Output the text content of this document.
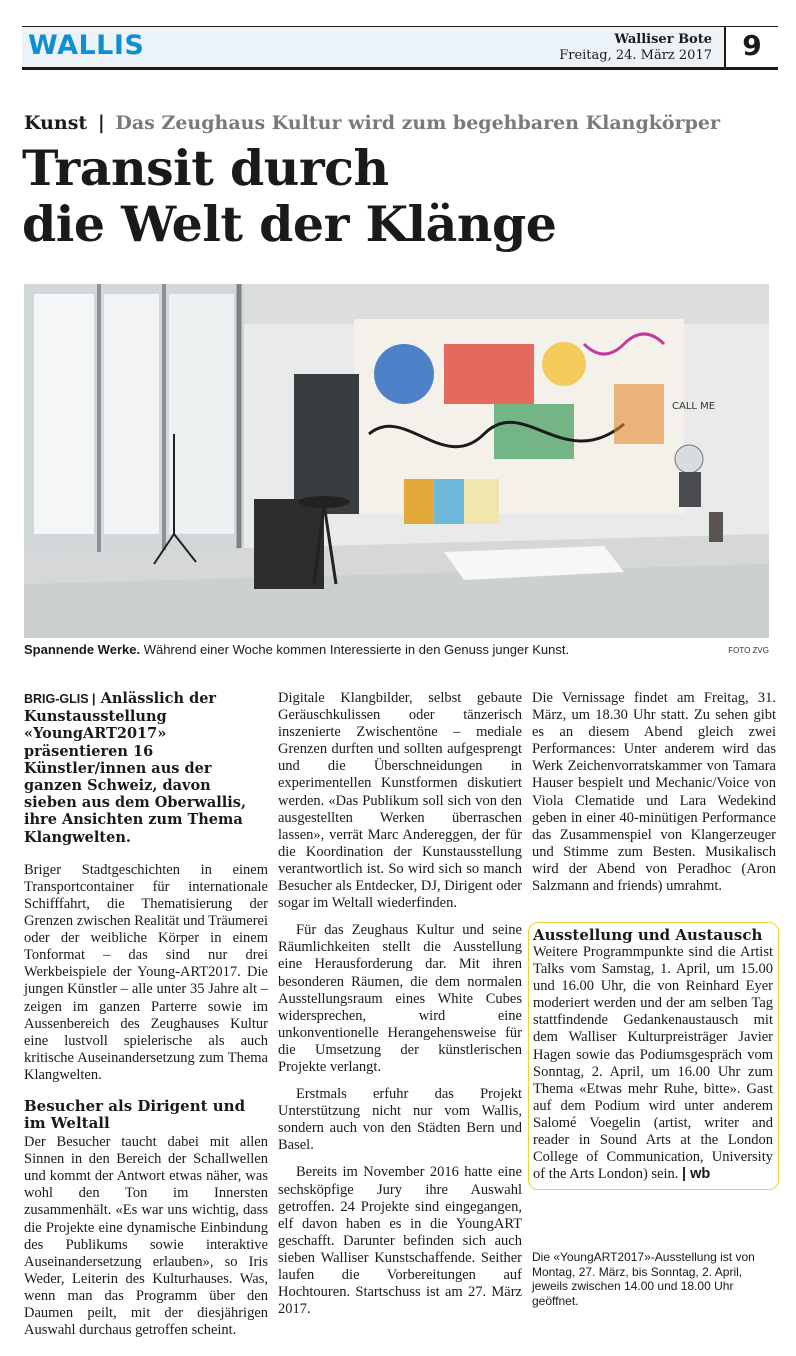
WALLIS	Walliser Bote
Freitag, 24. März 2017	9
Kunst | Das Zeughaus Kultur wird zum begehbaren Klangkörper
Transit durch
die Welt der Klänge
CALL ME
Spannende Werke. Während einer Woche kommen Interessierte in den Genuss junger Kunst.	FOTO ZVG

BRIG-GLIS | Anlässlich der Kunstausstellung «YoungART2017» präsentieren 16 Künstler/innen aus der ganzen Schweiz, davon sieben aus dem Oberwallis, ihre Ansichten zum Thema Klangwelten.

Briger Stadtgeschichten in einem Transportcontainer für internationale Schifffahrt, die Thematisierung der Grenzen zwischen Realität und Träumerei oder der weibliche Körper in einem Tonformat – das sind nur drei Werkbeispiele der Young-ART2017. Die jungen Künstler – alle unter 35 Jahre alt – zeigen im ganzen Parterre sowie im Aussenbereich des Zeughauses Kultur eine lustvoll spielerische als auch kritische Auseinandersetzung zum Thema Klangwelten.

Besucher als Dirigent und im Weltall

Der Besucher taucht dabei mit allen Sinnen in den Bereich der Schallwellen und kommt der Antwort etwas näher, was wohl den Ton im Innersten zusammenhält. «Es war uns wichtig, dass die Projekte eine dynamische Einbindung des Publikums sowie interaktive Auseinandersetzung erlauben», so Iris Weder, Leiterin des Kulturhauses. Was, wenn man das Programm über den Daumen peilt, mit der diesjährigen Auswahl durchaus getroffen scheint.

Digitale Klangbilder, selbst gebaute Geräuschkulissen oder tänzerisch inszenierte Zwischentöne – mediale Grenzen durften und sollten aufgesprengt und die Überschneidungen in experimentellen Kunstformen diskutiert werden. «Das Publikum soll sich von den ausgestellten Werken überraschen lassen», verrät Marc Andereggen, der für die Koordination der Kunstausstellung verantwortlich ist. So wird sich so manch Besucher als Entdecker, DJ, Dirigent oder sogar im Weltall wiederfinden.

Für das Zeughaus Kultur und seine Räumlichkeiten stellt die Ausstellung eine Herausforderung dar. Mit ihren besonderen Räumen, die dem normalen Ausstellungsraum eines White Cubes widersprechen, wird eine unkonventionelle Herangehensweise für die Umsetzung der künstlerischen Projekte verlangt.

Erstmals erfuhr das Projekt Unterstützung nicht nur vom Wallis, sondern auch von den Städten Bern und Basel.

Bereits im November 2016 hatte eine sechsköpfige Jury ihre Auswahl getroffen. 24 Projekte sind eingegangen, elf davon haben es in die YoungART geschafft. Darunter befinden sich auch sieben Walliser Kunstschaffende. Seither laufen die Vorbereitungen auf Hochtouren. Startschuss ist am 27. März 2017.

Die Vernissage findet am Freitag, 31. März, um 18.30 Uhr statt. Zu sehen gibt es an diesem Abend gleich zwei Performances: Unter anderem wird das Werk Zeichenvorratskammer von Tamara Hauser bespielt und Mechanic/Voice von Viola Clematide und Lara Wedekind geben in einer 40-minütigen Performance das Zusammenspiel von Klangerzeuger und Stimme zum Besten. Musikalisch wird der Abend von Peradhoc (Aron Salzmann and friends) umrahmt.

Ausstellung und Austausch

Weitere Programmpunkte sind die Artist Talks vom Samstag, 1. April, um 15.00 und 16.00 Uhr, die von Reinhard Eyer moderiert werden und der am selben Tag stattfindende Gedankenaustausch mit dem Walliser Kulturpreisträger Javier Hagen sowie das Podiumsgespräch vom Sonntag, 2. April, um 16.00 Uhr zum Thema «Etwas mehr Ruhe, bitte». Gast auf dem Podium wird unter anderem Salomé Voegelin (artist, writer and reader in Sound Arts at the London College of Communication, University of the Arts London) sein. | wb

Die «YoungART2017»-Ausstellung ist von Montag, 27. März, bis Sonntag, 2. April, jeweils zwischen 14.00 und 18.00 Uhr geöffnet.
